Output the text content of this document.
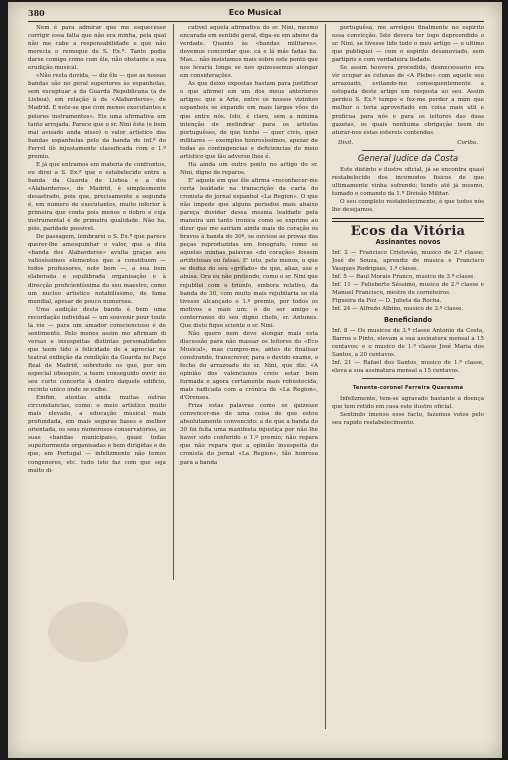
380	Eco Musical

Nem é para admirar que me esquecesse corrigir essa falta que não era minha, pela qual não me cabe a responsabilidade e que não merecia o remoque de S. Ex.ª. Tanto podia darse comigo como com êle, não obstante a sua erudição musical.

«Não resta duvida, — diz êle — que as nossas bandas são no geral superiores às espanholas, sem exceptuar a da Guarda Republicana (a de Lisboa), em relação à de «Alabarderos», de Madrid. E note-se que com menos executantes e peiores instrumentos». Eis uma afirmativa um tanto arrojada. Parece que o sr. Nini êste (e bem mal avisado anda nisso) o valor artístico das bandas espanholas pelo da banda de inf.ª do Ferrol ilò injustamente classificada com o 1.º premio.

E já que entramos em materia de confrontos, eu direi a S. Ex.ª que o estabelecido entre a banda da Guarda de Lisboa e a dos «Alabarderos», de Madrid, é simplesmente desastrado, pois que, precisamente a segunda é, em numero de executantes, muito inferior à primeira que conta pois menos o dobro e cuja instrumental é de primeira qualidade. Não ha, pois, paridade possivel.

De passagem, lembrarei o S. Ex.ª que parece querer-lhe amesquinhar o valor, que a dita «banda dos Alabarderos» avulta graças aos valiosíssimos elementos que a constituem — todos professores, note bem —, a sua bem elaborada e equilibrada organisação e à direcção proficientíssima do seu maestro, como um nucleo artistico notabilíssimo, de fama mundial, apesar de pouco numerosa.

Uma audição desta banda é bem uma recordação individual — um souvenir pour toute la vie — para um amador consciencioso e de sentimento. Pelo menos assim mo afirmam di versas e insuspeitas distintas personalidades que teem tido a felicidade de a apreciar na teatral exibição da rendição da Guarda no Paço Real de Madrid, sobretudo os que, por um especial obsequio, a teem conseguido ouvir no seu curto concerto à dentro daquele edificio, recinto unico onde se exibe.

Emfim, atentas ainda muitas outras circunstancias, como: o meio artistico muito mais elevado, a educação musical mais profundada, em mais seguras bases e melhor orientada, os seus numerosos conservatorios, as suas «bandas municipais», quasi todas superiormente organisadas e bem dirigidas e de que, em Portugal — infelizmente não temos congeneres, etc. tudo isto faz com que seja muito di-

cutivel aquela afirmativa do sr. Nini, mesmo encarada em sentido geral, diga-se em abono da verdade. Quanto às «bandas militares», devemos concordar que: cá e lá más fadas ha. Mas… não insistamos mais sobre este ponto que nos levaria longe se nos quizessemos alongar em considerações.

As que deixo expostas bastam para justificar o que afirmei em um dos meus anteriores artigos: que a Arte, entre os nossos vizinhos espanhois se expande em mais largos vôos do que entre nós. Isto, é claro, sem a minima intenção de melindrar para os artistas portuguêses, de que tenho — quer civis, quer militares — exemplos honrosíssimos, apezar de todas as contingencias e deficiencias do meio artistico que lão adverso lhes é.

Ha ainda um outro ponto no artigo do sr. Nini, digno de reparos.

E' aquele em que êle afirma «reconhecer-me certa lealdade na transcrição da carta do cronista do jornal espanhol «La Region». O que não impede que alguns periodos mais abaixo pareça duvidar dessa mesma lealdade pela maneira um tanto ironica como se exprime ao dizer que me sairiam ainda mais do coração os bravos à banda do 30º, se ouvisse as provas das peças reproduzidas em fonografo, como se aquelas minhas palavras «do coração» fossem artificiosas ou falsas. E' isto, pelo menos, o que se deduz do seu «grifado» de que, aliaz, use e abusa. Ora eu não pretendo, como o sr. Nini que rejubilei com o triunfo, embora relativo, da banda do 30, com muito mais rejubilaria se ela tivesse alcançado o 1.º premio, por todos os motivos e mais um: o de ser amigo e conterraneo do seu digno chefe, sr. Antunes. Que disto fique sciente o sr. Nini.

Não quero nem devo alongar mais esta discussão para não massar os leitores do «Eco Musical», mas cumpre-me, antes de finalisar constrando, transcrever, para o devido exame, o fecho do arrazoado do sr. Nini, que diz: «A opinião dos valencianos creio estar bem formada e agora certamente mais robustecida, mais radicada com a crónica de «La Region», d'Orenses.

Friza estas palavras como se quizesse convencer-me de uma coisa de que estou absolutamente convencido: a de que a banda do 30 foi feita uma manifesta injustiça por não lhe haver sido conferido o 1.º premio; não repara que não repara que a opinião insuspeita do cronista do jornal «La Region», tão honrosa para a banda

portuguêsa, me arreigou finalmente no espirito essa convicção. Isto devera ter logo depreendido o sr. Nini, se tivesse lido todo o meu artigo — o ultimo que publiquei — com o espirito desanuviado, sem partipris e com verdadeira lisdade.

Se assim houvera procedido, desnecessario era vir ocupar as colunas de «A Plebe» com aquele seu arrazoado, evitando-me consequentemente a estopada deste artigo em resposta ao seu. Assim perdeu S. Ex.ª tempo e fez-me perder a mim que melhor o teria aproveitado em coisa mais util e proficua para nós e para os leitores das duas gazetas, os quais nenhuma obrigação teem de aturar-nos estas estereis contendas.

Dixit.	Coriba.
General Judice da Costa

Este distinto e ilustre oficial, já se encontra quasi restabelecido dos incomodos fisicos de que ultimamente vinha sofrendo; tendo até já mesmo, tomado o comando da 1.ª Divisão Militar.

O seu completo restabelecimento, é que todos nós lhe desejamos.

Ecos da Vitória
Assinantes novos

Inf. 2 — Francisco Cristovão, musico de 2.ª classe; José de Souza, aprendiz de musica e Francisco Vasques Rodrigues, 1.º classe.

Inf. 5 — Raul Morais Franco, musico de 3.ª classe.

Inf. 11 — Felisberto Séssimo, musico de 2.ª classe e Manuel Francisco, mestre de corneteiros.

Figueira da Foz — D. Julieta da Rocha.

Inf. 24 — Alfredo Albino, musico de 3.ª classe.

Beneficiando

Inf. 8 — Os musicos de 3.ª classe Antonio da Costa, Barros e Pinto, elevam a sua assinatura mensal a 15 centavos; e o musico de 1.ª classe José Maria dos Santos, a 20 centavos.

Inf. 21 — Rafael dos Santos, musico de 1.ª classe, eleva a sua assinatura mensal a 15 centavos.

Tenente-coronel Ferreira Quaresma

Infelizmente, tem-se agravado bastante a doença que tem retido em casa este ilustre oficial.

Sentindo imenso esse facto, fazemos votos pelo seu rapido restabelecimento.
